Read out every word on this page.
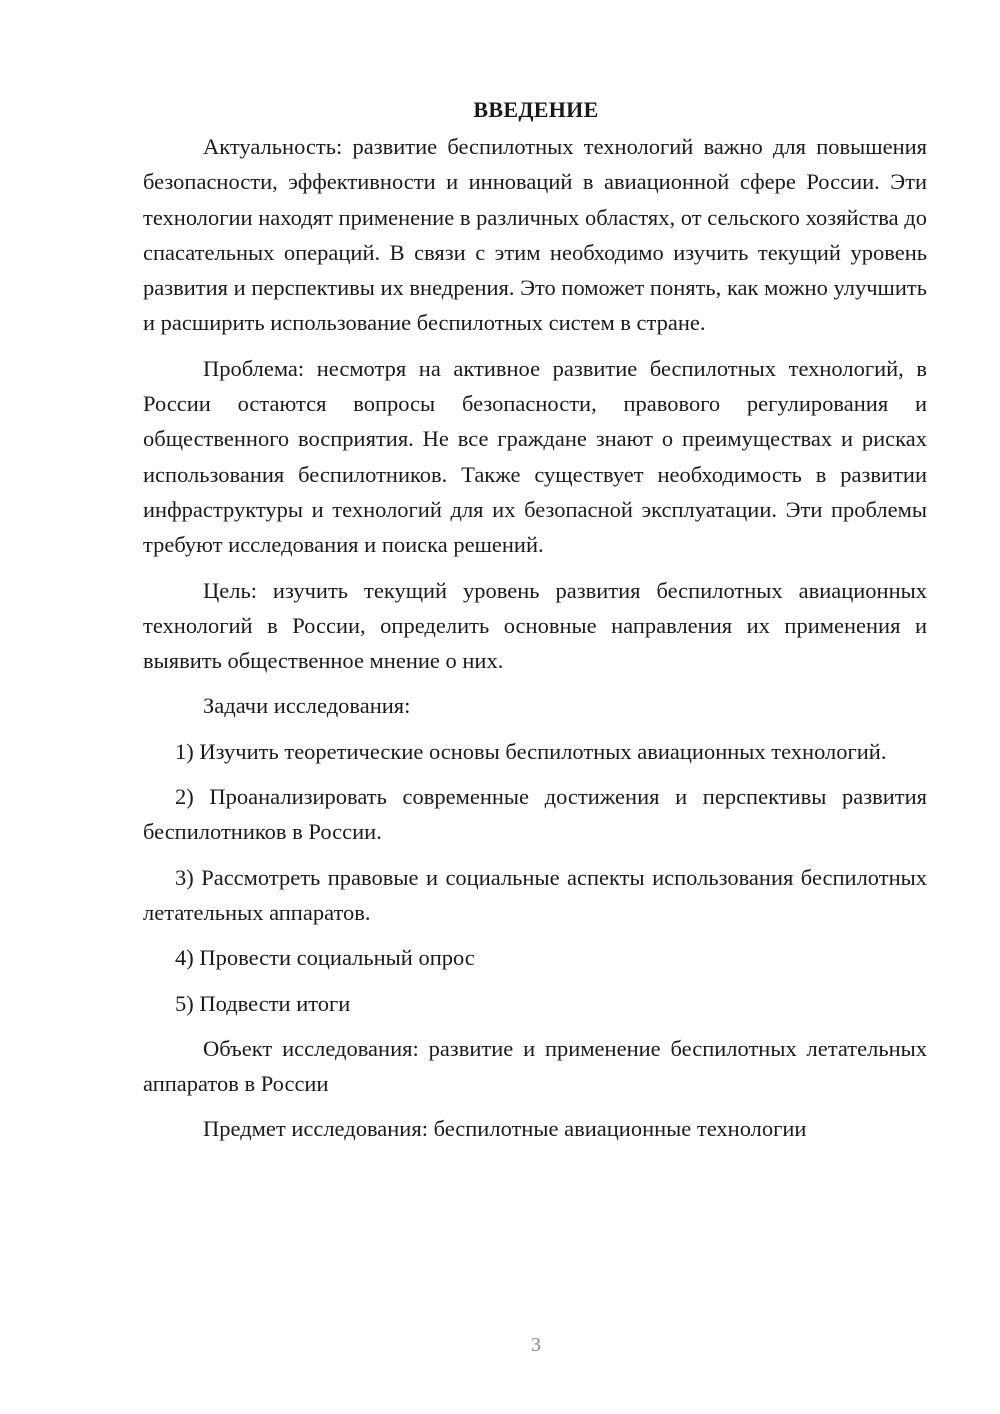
ВВЕДЕНИЕ

Актуальность: развитие беспилотных технологий важно для повышения безопасности, эффективности и инноваций в авиационной сфере России. Эти технологии находят применение в различных областях, от сельского хозяйства до спасательных операций. В связи с этим необходимо изучить текущий уровень развития и перспективы их внедрения. Это поможет понять, как можно улучшить и расширить использование беспилотных систем в стране.

Проблема: несмотря на активное развитие беспилотных технологий, в России остаются вопросы безопасности, правового регулирования и общественного восприятия. Не все граждане знают о преимуществах и рисках использования беспилотников. Также существует необходимость в развитии инфраструктуры и технологий для их безопасной эксплуатации. Эти проблемы требуют исследования и поиска решений.

Цель: изучить текущий уровень развития беспилотных авиационных технологий в России, определить основные направления их применения и выявить общественное мнение о них.

Задачи исследования:

1) Изучить теоретические основы беспилотных авиационных технологий.

2) Проанализировать современные достижения и перспективы развития беспилотников в России.

3) Рассмотреть правовые и социальные аспекты использования беспилотных летательных аппаратов.

4) Провести социальный опрос

5) Подвести итоги

Объект исследования: развитие и применение беспилотных летательных аппаратов в России

Предмет исследования: беспилотные авиационные технологии

3
